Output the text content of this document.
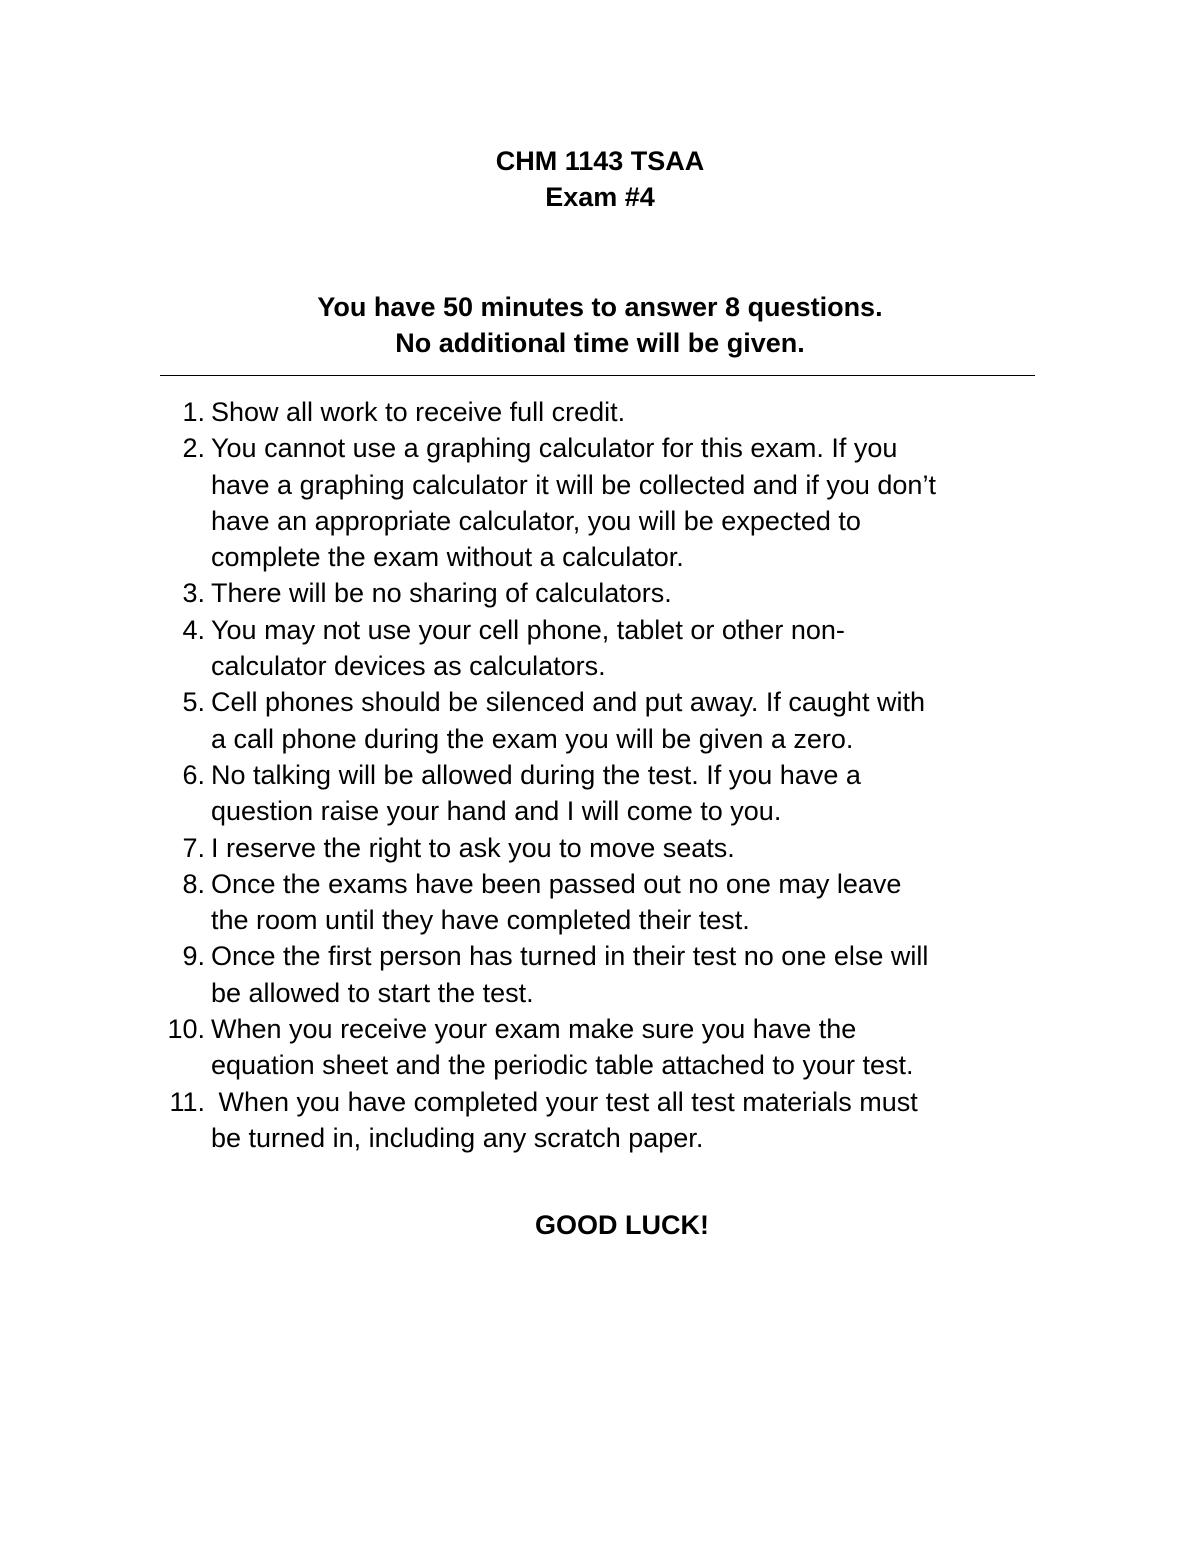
CHM 1143 TSAA
Exam #4
You have 50 minutes to answer 8 questions.
No additional time will be given.
1. Show all work to receive full credit.
2. You cannot use a graphing calculator for this exam. If you
have a graphing calculator it will be collected and if you don’t
have an appropriate calculator, you will be expected to
complete the exam without a calculator.
3. There will be no sharing of calculators.
4. You may not use your cell phone, tablet or other non-
calculator devices as calculators.
5. Cell phones should be silenced and put away. If caught with
a call phone during the exam you will be given a zero.
6. No talking will be allowed during the test. If you have a
question raise your hand and I will come to you.
7. I reserve the right to ask you to move seats.
8. Once the exams have been passed out no one may leave
the room until they have completed their test.
9. Once the first person has turned in their test no one else will
be allowed to start the test.
10. When you receive your exam make sure you have the
equation sheet and the periodic table attached to your test.
11. When you have completed your test all test materials must
be turned in, including any scratch paper.
GOOD LUCK!
